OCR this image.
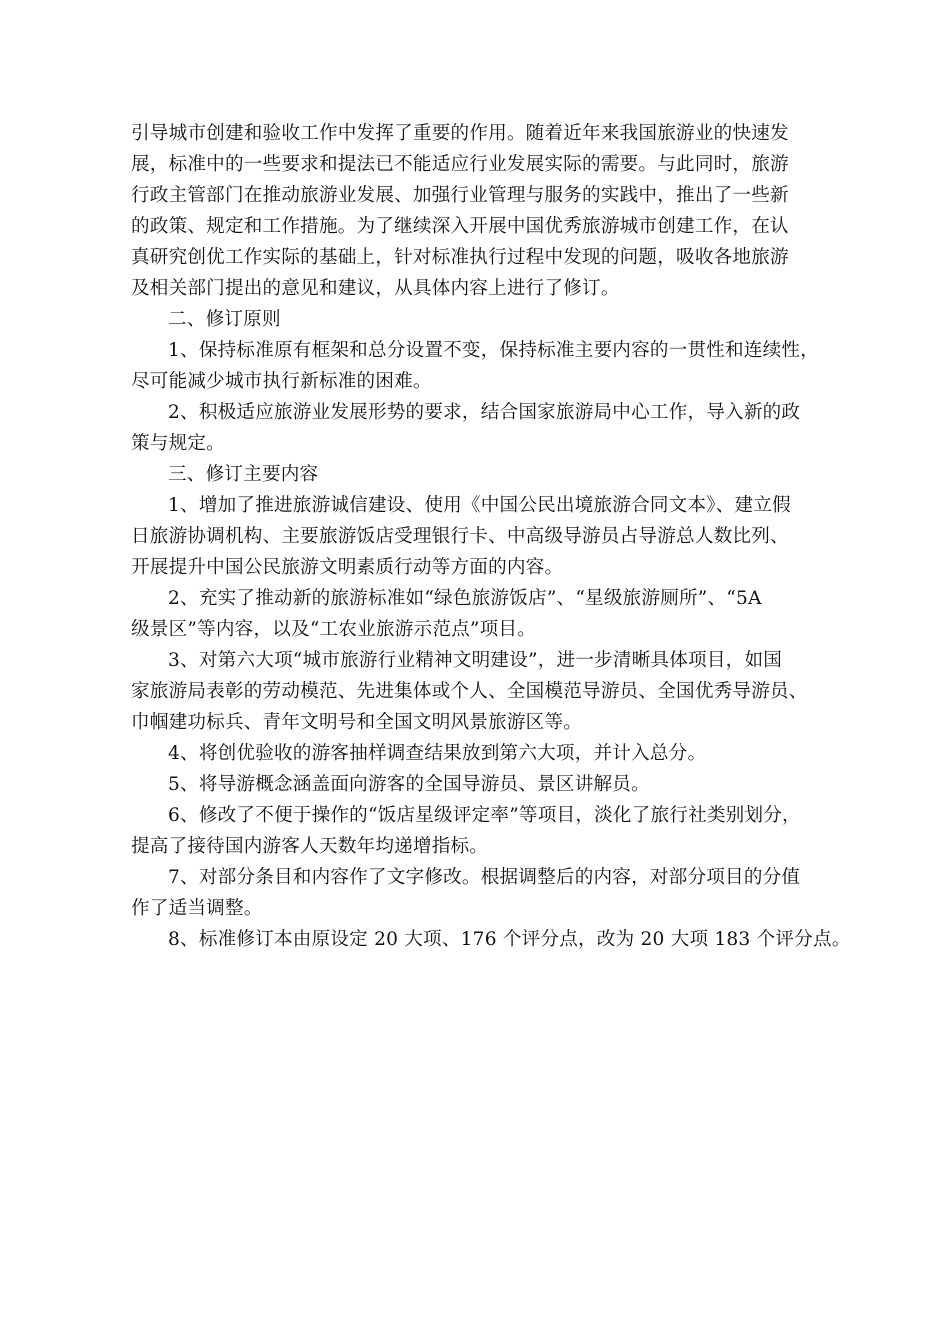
引导城市创建和验收工作中发挥了重要的作用。随着近年来我国旅游业的快速发
展，标准中的一些要求和提法已不能适应行业发展实际的需要。与此同时，旅游
行政主管部门在推动旅游业发展、加强行业管理与服务的实践中，推出了一些新
的政策、规定和工作措施。为了继续深入开展中国优秀旅游城市创建工作，在认
真研究创优工作实际的基础上，针对标准执行过程中发现的问题，吸收各地旅游
及相关部门提出的意见和建议，从具体内容上进行了修订。
二、修订原则
1、保持标准原有框架和总分设置不变，保持标准主要内容的一贯性和连续性，
尽可能减少城市执行新标准的困难。
2、积极适应旅游业发展形势的要求，结合国家旅游局中心工作，导入新的政
策与规定。
三、修订主要内容
1、增加了推进旅游诚信建设、使用《中国公民出境旅游合同文本》、建立假
日旅游协调机构、主要旅游饭店受理银行卡、中高级导游员占导游总人数比列、
开展提升中国公民旅游文明素质行动等方面的内容。
2、充实了推动新的旅游标准如“绿色旅游饭店”、“星级旅游厕所”、“5A
级景区”等内容，以及“工农业旅游示范点”项目。
3、对第六大项“城市旅游行业精神文明建设”，进一步清晰具体项目，如国
家旅游局表彰的劳动模范、先进集体或个人、全国模范导游员、全国优秀导游员、
巾帼建功标兵、青年文明号和全国文明风景旅游区等。
4、将创优验收的游客抽样调查结果放到第六大项，并计入总分。
5、将导游概念涵盖面向游客的全国导游员、景区讲解员。
6、修改了不便于操作的“饭店星级评定率”等项目，淡化了旅行社类别划分，
提高了接待国内游客人天数年均递增指标。
7、对部分条目和内容作了文字修改。根据调整后的内容，对部分项目的分值
作了适当调整。
8、标准修订本由原设定 20 大项、176 个评分点，改为 20 大项 183 个评分点。
